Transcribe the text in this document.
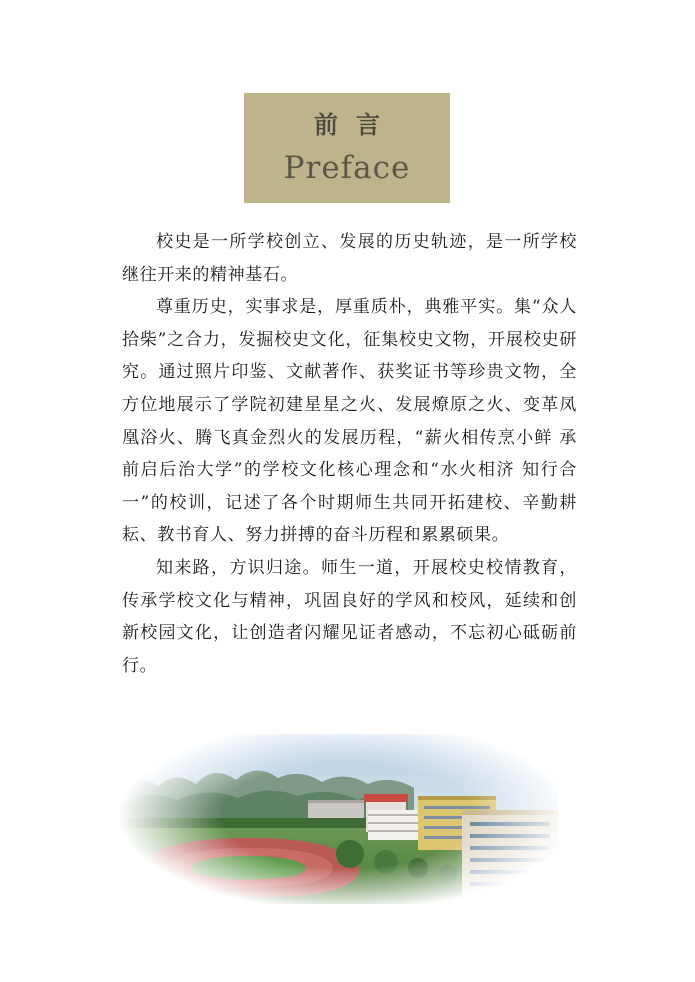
前言
Preface

校史是一所学校创立、发展的历史轨迹，是一所学校继往开来的精神基石。

尊重历史，实事求是，厚重质朴，典雅平实。集“众人拾柴”之合力，发掘校史文化，征集校史文物，开展校史研究。通过照片印鉴、文献著作、获奖证书等珍贵文物，全方位地展示了学院初建星星之火、发展燎原之火、变革凤凰浴火、腾飞真金烈火的发展历程，“薪火相传烹小鲜 承前启后治大学”的学校文化核心理念和“水火相济 知行合一”的校训，记述了各个时期师生共同开拓建校、辛勤耕耘、教书育人、努力拼搏的奋斗历程和累累硕果。

知来路，方识归途。师生一道，开展校史校情教育，传承学校文化与精神，巩固良好的学风和校风，延续和创新校园文化，让创造者闪耀见证者感动，不忘初心砥砺前行。
